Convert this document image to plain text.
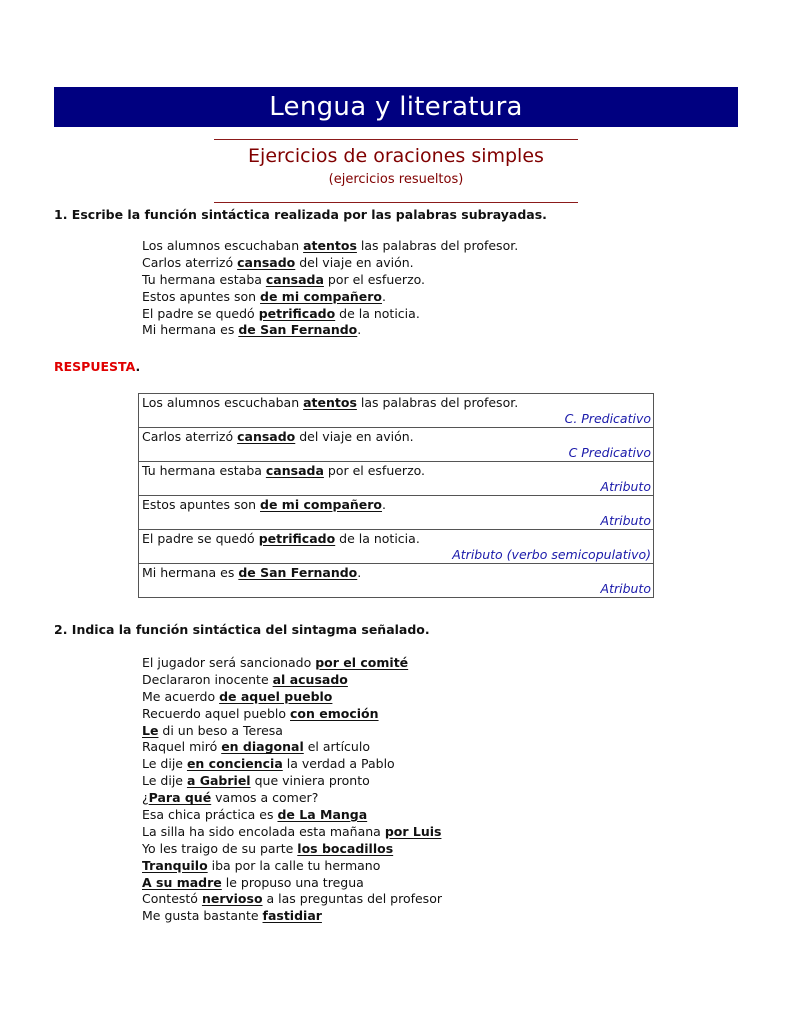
Lengua y literatura
Ejercicios de oraciones simples
(ejercicios resueltos)
1. Escribe la función sintáctica realizada por las palabras subrayadas.
Los alumnos escuchaban atentos las palabras del profesor.
Carlos aterrizó cansado del viaje en avión.
Tu hermana estaba cansada por el esfuerzo.
Estos apuntes son de mi compañero.
El padre se quedó petrificado de la noticia.
Mi hermana es de San Fernando.
RESPUESTA.
Los alumnos escuchaban atentos las palabras del profesor.
C. Predicativo

Carlos aterrizó cansado del viaje en avión.
C Predicativo

Tu hermana estaba cansada por el esfuerzo.
Atributo

Estos apuntes son de mi compañero.
Atributo

El padre se quedó petrificado de la noticia.
Atributo (verbo semicopulativo)

Mi hermana es de San Fernando.
Atributo
2. Indica la función sintáctica del sintagma señalado.
El jugador será sancionado por el comité
Declararon inocente al acusado
Me acuerdo de aquel pueblo
Recuerdo aquel pueblo con emoción
Le di un beso a Teresa
Raquel miró en diagonal el artículo
Le dije en conciencia la verdad a Pablo
Le dije a Gabriel que viniera pronto
¿Para qué vamos a comer?
Esa chica práctica es de La Manga
La silla ha sido encolada esta mañana por Luis
Yo les traigo de su parte los bocadillos
Tranquilo iba por la calle tu hermano
A su madre le propuso una tregua
Contestó nervioso a las preguntas del profesor
Me gusta bastante fastidiar
